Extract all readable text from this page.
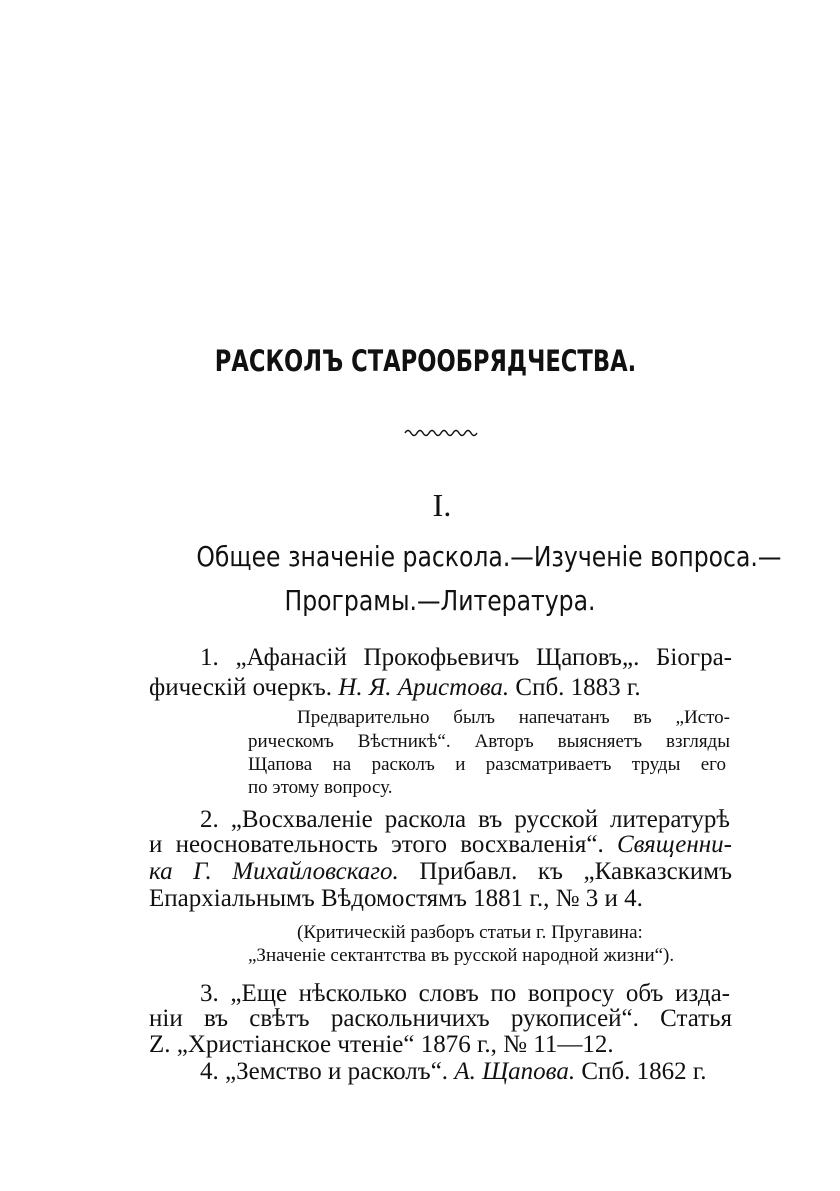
РАСКОЛЪ СТАРООБРЯДЧЕСТВА.
I.
Общее значеніе раскола.—Изученіе вопроса.—
Програмы.—Литература.
1. „Афанасій Прокофьевичъ Щаповъ„. Біогра-
фическій очеркъ. Н. Я. Аристова. Спб. 1883 г.
Предварительно былъ напечатанъ въ „Исто-
рическомъ Вѣстникѣ“. Авторъ выясняетъ взгляды
Щапова на расколъ и разсматриваетъ труды его
по этому вопросу.
2. „Восхваленіе раскола въ русской литературѣ
и неосновательность этого восхваленія“. Священни-
ка Г. Михайловскаго. Прибавл. къ „Кавказскимъ
Епархіальнымъ Вѣдомостямъ 1881 г., № 3 и 4.
(Критическій разборъ статьи г. Пругавина:
„Значеніе сектантства въ русской народной жизни“).
3. „Еще нѣсколько словъ по вопросу объ изда-
ніи въ свѣтъ раскольничихъ рукописей“. Статья
Z. „Христіанское чтеніе“ 1876 г., № 11—12.
4. „Земство и расколъ“. А. Щапова. Спб. 1862 г.
